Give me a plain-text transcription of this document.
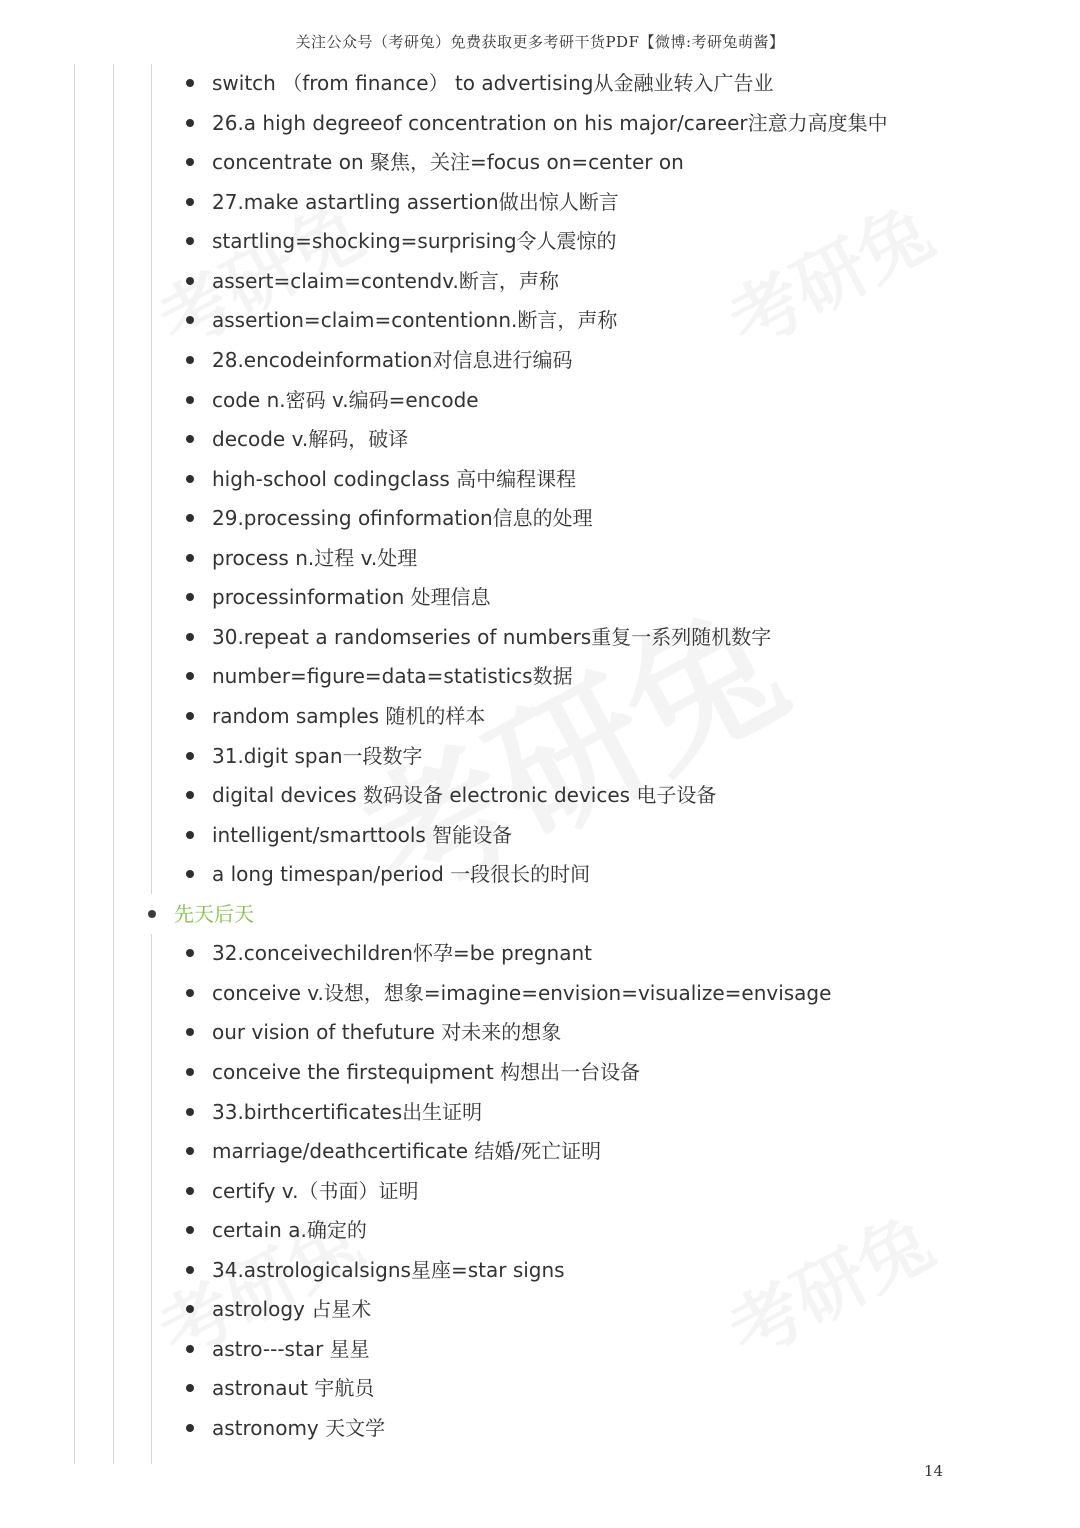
关注公众号（考研兔）免费获取更多考研干货PDF【微博:考研兔萌酱】
switch （from finance） to advertising从金融业转入广告业
26.a high degreeof concentration on his major/career注意力高度集中
concentrate on 聚焦，关注=focus on=center on
27.make astartling assertion做出惊人断言
startling=shocking=surprising令人震惊的
assert=claim=contendv.断言，声称
assertion=claim=contentionn.断言，声称
28.encodeinformation对信息进行编码
code n.密码 v.编码=encode
decode v.解码，破译
high-school codingclass 高中编程课程
29.processing ofinformation信息的处理
process n.过程 v.处理
processinformation 处理信息
30.repeat a randomseries of numbers重复一系列随机数字
number=figure=data=statistics数据
random samples 随机的样本
31.digit span一段数字
digital devices 数码设备 electronic devices 电子设备
intelligent/smarttools 智能设备
a long timespan/period 一段很长的时间
先天后天
32.conceivechildren怀孕=be pregnant
conceive v.设想，想象=imagine=envision=visualize=envisage
our vision of thefuture 对未来的想象
conceive the firstequipment 构想出一台设备
33.birthcertificates出生证明
marriage/deathcertificate 结婚/死亡证明
certify v.（书面）证明
certain a.确定的
34.astrologicalsigns星座=star signs
astrology 占星术
astro---star 星星
astronaut 宇航员
astronomy 天文学
14
